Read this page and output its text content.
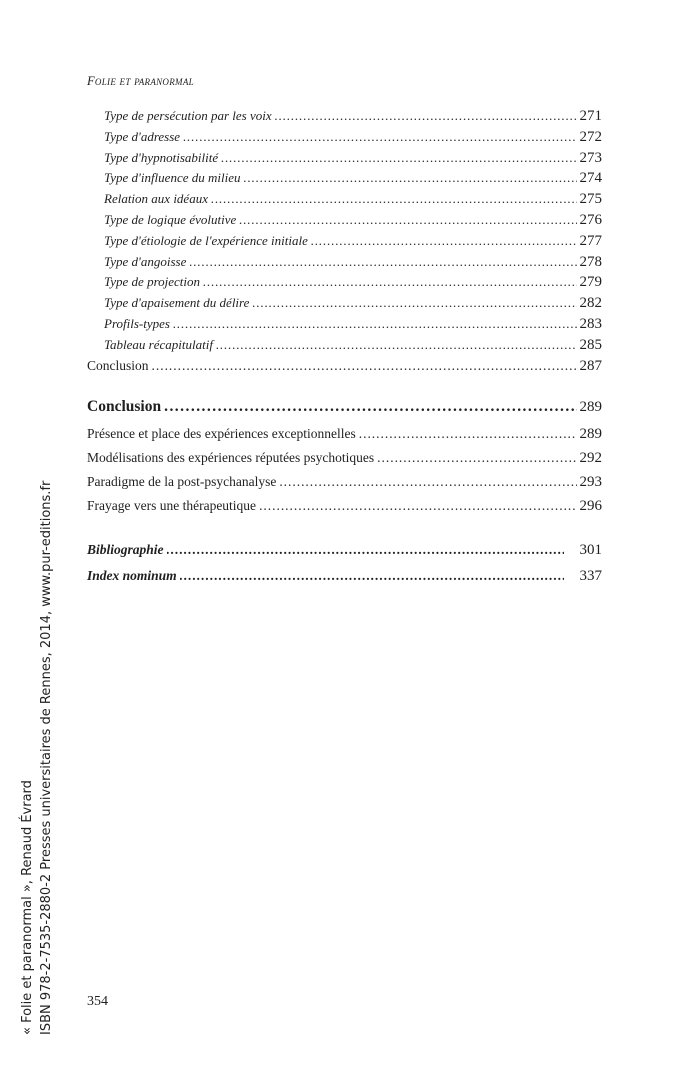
Folie et paranormal
Type de persécution par les voix . . .	271
Type d'adresse . . .	272
Type d'hypnotisabilité . . .	273
Type d'influence du milieu . . .	274
Relation aux idéaux . . .	275
Type de logique évolutive . . .	276
Type d'étiologie de l'expérience initiale . . .	277
Type d'angoisse . . .	278
Type de projection . . .	279
Type d'apaisement du délire . . .	282
Profils-types . . .	283
Tableau récapitulatif . . .	285
Conclusion . . .	287
Conclusion . . .	289
Présence et place des expériences exceptionnelles . . .	289
Modélisations des expériences réputées psychotiques . . .	292
Paradigme de la post-psychanalyse . . .	293
Frayage vers une thérapeutique . . .	296
Bibliographie . . .	301
Index nominum . . .	337
354
« Folie et paranormal », Renaud Évrard ISBN 978-2-7535-2880-2 Presses universitaires de Rennes, 2014, www.pur-editions.fr
